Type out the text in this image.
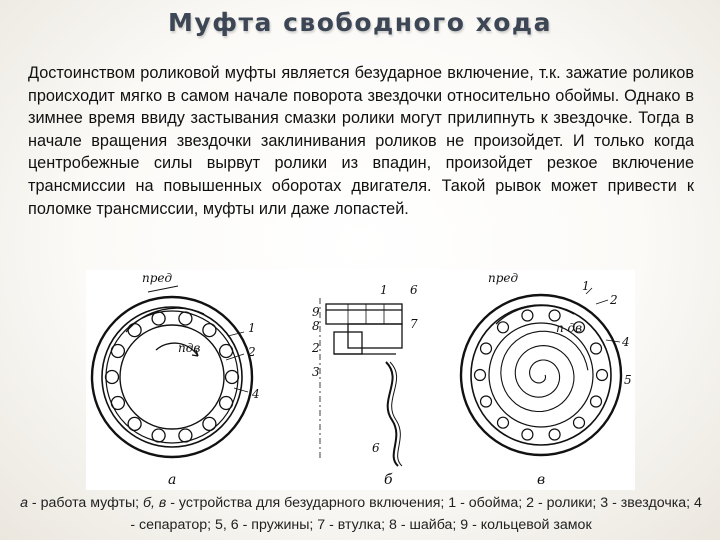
Муфта свободного хода

Достоинством роликовой муфты является безударное включение, т.к. зажатие роликов происходит мягко в самом начале поворота звездочки относительно обоймы. Однако в зимнее время ввиду застывания смазки ролики могут прилипнуть к звездочке. Тогда в начале вращения звездочки заклинивания роликов не произойдет. И только когда центробежные силы вырвут ролики из впадин, произойдет резкое включение трансмиссии на повышенных оборотах двигателя. Такой рывок может привести к поломке трансмиссии, муфты или даже лопастей.

nред
nдв
1
2
4
1 6
9
8
2
3
7
6
nред
n дв
1
2
4
5
а	б	в
а - работа муфты; б, в - устройства для безударного включения; 1 - обойма; 2 - ролики; 3 - звездочка; 4 - сепаратор; 5, 6 - пружины; 7 - втулка; 8 - шайба; 9 - кольцевой замок
